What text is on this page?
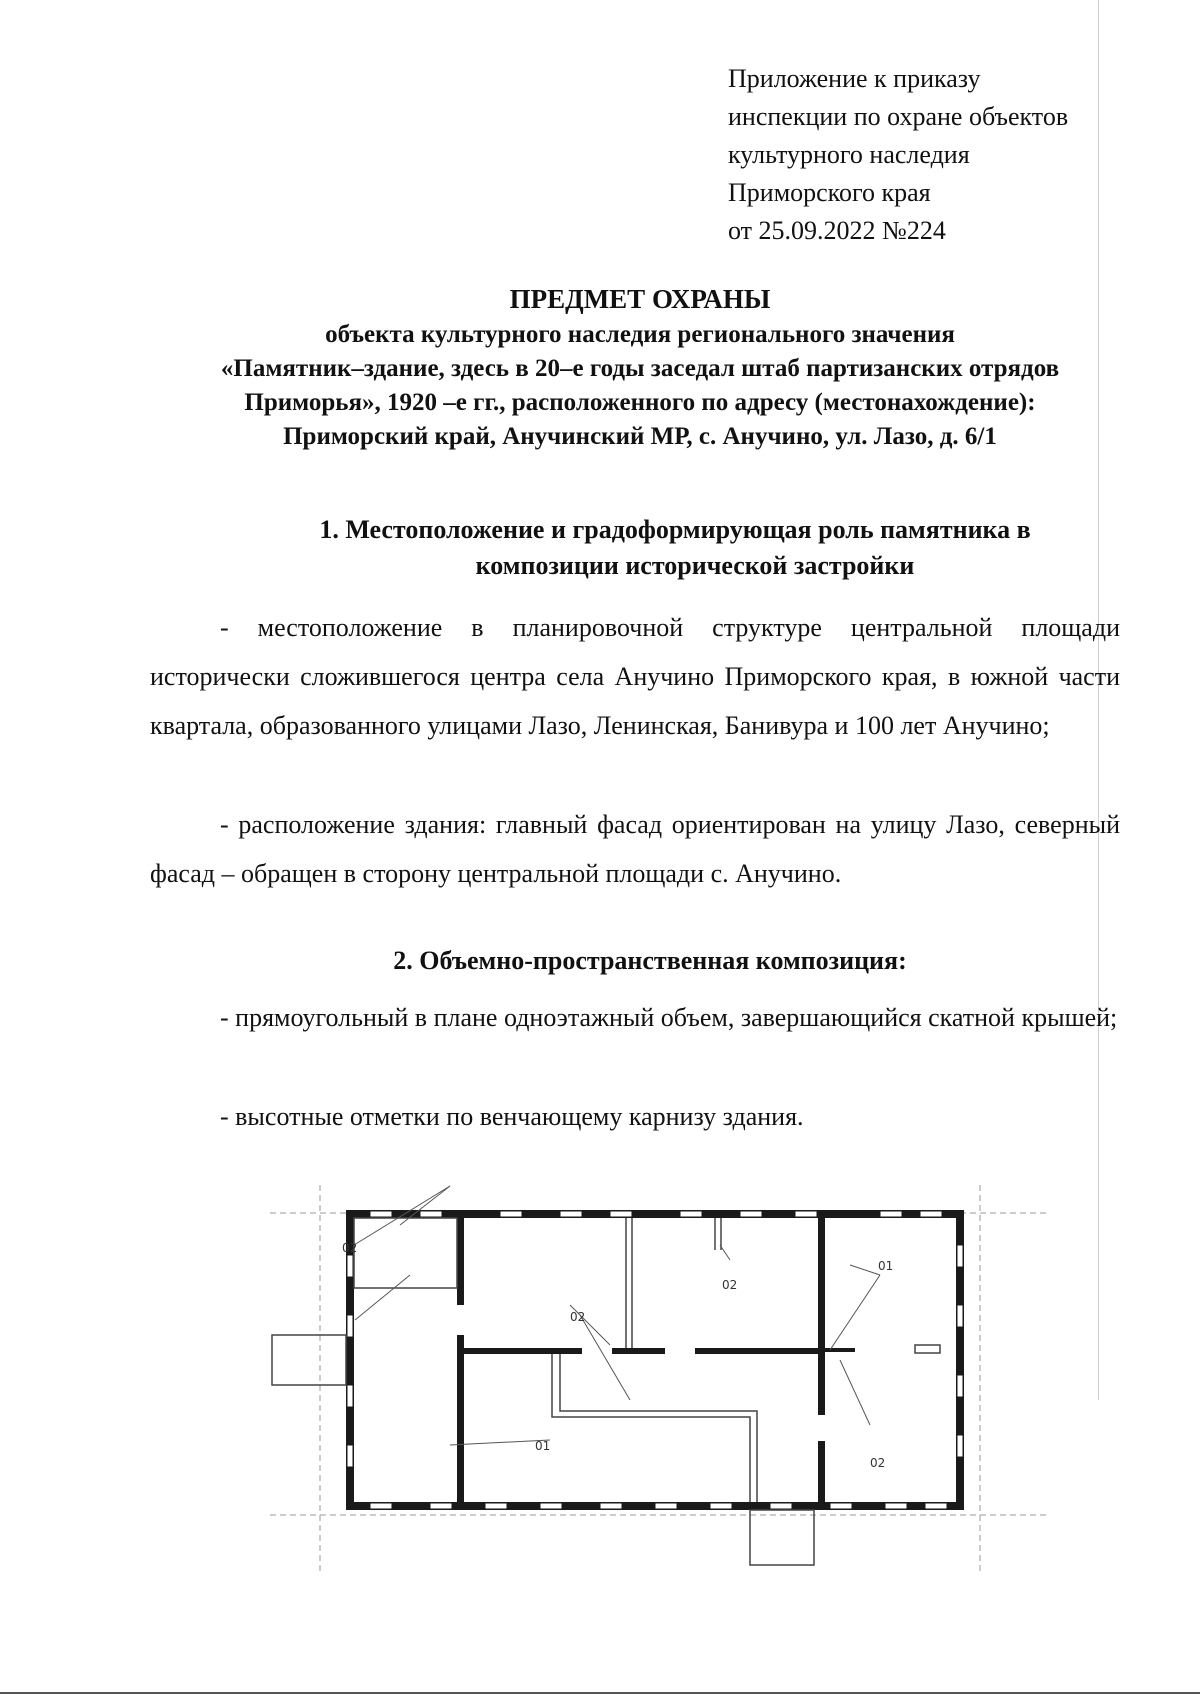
Приложение к приказу
инспекции по охране объектов
культурного наследия
Приморского края
от 25.09.2022 №224
ПРЕДМЕТ ОХРАНЫ
объекта культурного наследия регионального значения
«Памятник–здание, здесь в 20–е годы заседал штаб партизанских отрядов
Приморья», 1920 –е гг., расположенного по адресу (местонахождение):
Приморский край, Анучинский МР, с. Анучино, ул. Лазо, д. 6/1
1. Местоположение и градоформирующая роль памятника в
композиции исторической застройки

- местоположение в планировочной структуре центральной площади исторически сложившегося центра села Анучино Приморского края, в южной части квартала, образованного улицами Лазо, Ленинская, Банивура и 100 лет Анучино;

- расположение здания: главный фасад ориентирован на улицу Лазо, северный фасад – обращен в сторону центральной площади с. Анучино.

2. Объемно-пространственная композиция:

- прямоугольный в плане одноэтажный объем, завершающийся скатной крышей;

- высотные отметки по венчающему карнизу здания.

02
02
02
01
02
01
